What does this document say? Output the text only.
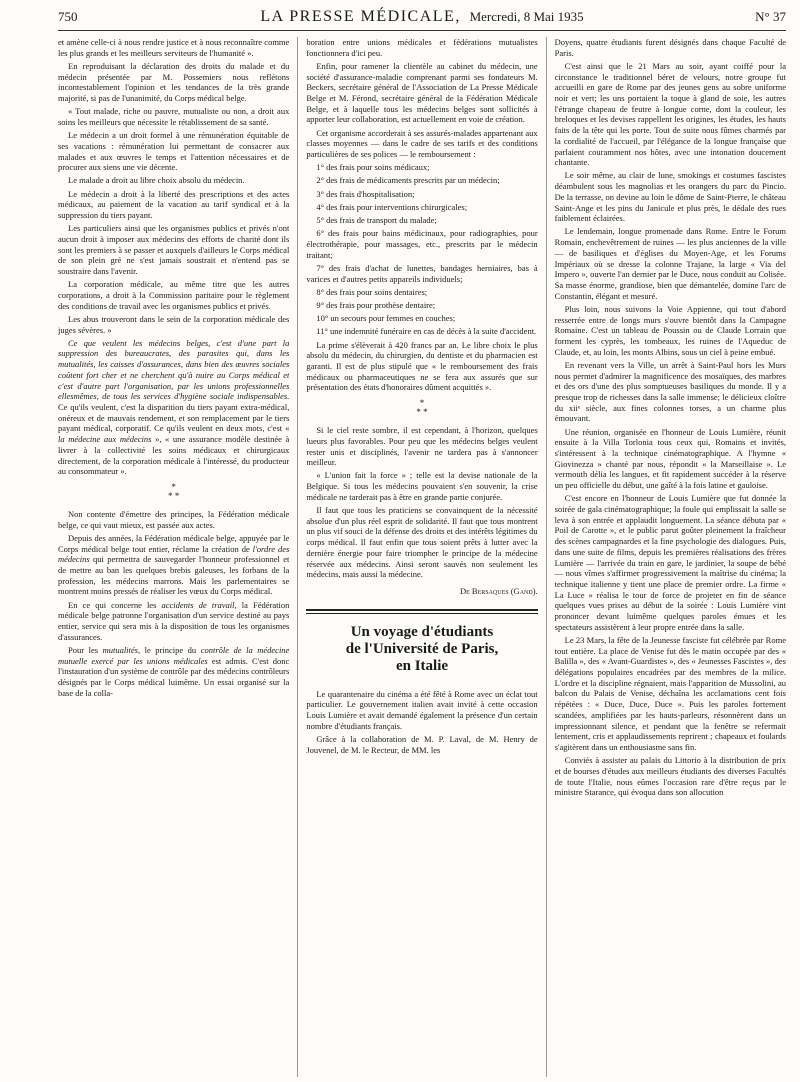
750	LA PRESSE MÉDICALE, Mercredi, 8 Mai 1935	N° 37

et amène celle-ci à nous rendre justice et à nous reconnaître comme les plus grands et les meilleurs serviteurs de l'humanité ».

En reproduisant la déclaration des droits du malade et du médecin présentée par M. Possemiers nous reflétons incontestablement l'opinion et les tendances de la très grande majorité, si pas de l'unanimité, du Corps médical belge.

« Tout malade, riche ou pauvre, mutualiste ou non, a droit aux soins les meilleurs que nécessite le rétablissement de sa santé.

Le médecin a un droit formel à une rémunération équitable de ses vacations : rémunération lui permettant de consacrer aux malades et aux œuvres le temps et l'attention nécessaires et de procurer aux siens une vie décente.

Le malade a droit au libre choix absolu du médecin.

Le médecin a droit à la liberté des prescriptions et des actes médicaux, au paiement de la vacation au tarif syndical et à la suppression du tiers payant.

Les particuliers ainsi que les organismes publics et privés n'ont aucun droit à imposer aux médecins des efforts de charité dont ils sont les premiers à se passer et auxquels d'ailleurs le Corps médical de son plein gré ne s'est jamais soustrait et n'entend pas se soustraire dans l'avenir.

La corporation médicale, au même titre que les autres corporations, a droit à la Commission paritaire pour le règlement des conditions de travail avec les organismes publics et privés.

Les abus trouveront dans le sein de la corporation médicale des juges sévères. »

Ce que veulent les médecins belges, c'est d'une part la suppression des bureaucrates, des parasites qui, dans les mutualités, les caisses d'assurances, dans bien des œuvres sociales coûtent fort cher et ne cherchent qu'à nuire au Corps médical et c'est d'autre part l'organisation, par les unions professionnelles ellesmêmes, de tous les services d'hygiène sociale indispensables. Ce qu'ils veulent, c'est la disparition du tiers payant extra-médical, onéreux et de mauvais rendement, et son remplacement par le tiers payant médical, corporatif. Ce qu'ils veulent en deux mots, c'est « la médecine aux médecins », « une assurance modèle destinée à livrer à la collectivité les soins médicaux et chirurgicaux directement, de la corporation médicale à l'intéressé, du producteur au consommateur ».

*
* *

Non contente d'émettre des principes, la Fédération médicale belge, ce qui vaut mieux, est passée aux actes.

Depuis des années, la Fédération médicale belge, appuyée par le Corps médical belge tout entier, réclame la création de l'ordre des médecins qui permettra de sauvegarder l'honneur professionnel et de mettre au ban les quelques brebis galeuses, les forbans de la profession, les médecins marrons. Mais les parlementaires se montrent moins pressés de réaliser les vœux du Corps médical.

En ce qui concerne les accidents de travail, la Fédération médicale belge patronne l'organisation d'un service destiné au pays entier, service qui sera mis à la disposition de tous les organismes d'assurances.

Pour les mutualités, le principe du contrôle de la médecine mutuelle exercé par les unions médicales est admis. C'est donc l'instauration d'un système de contrôle par des médecins contrôleurs désignés par le Corps médical luimême. Un essai organisé sur la base de la colla-

boration entre unions médicales et fédérations mutualistes fonctionnera d'ici peu.

Enfin, pour ramener la clientèle au cabinet du médecin, une société d'assurance-maladie comprenant parmi ses fondateurs M. Beckers, secrétaire général de l'Association de La Presse Médicale Belge et M. Férond, secrétaire général de la Fédération Médicale Belge, et à laquelle tous les médecins belges sont sollicités à apporter leur collaboration, est actuellement en voie de création.

Cet organisme accorderait à ses assurés-malades appartenant aux classes moyennes — dans le cadre de ses tarifs et des conditions particulières de ses polices — le remboursement :

1° des frais pour soins médicaux;

2° des frais de médicaments prescrits par un médecin;

3° des frais d'hospitalisation;

4° des frais pour interventions chirurgicales;

5° des frais de transport du malade;

6° des frais pour bains médicinaux, pour radiographies, pour électrothérapie, pour massages, etc., prescrits par le médecin traitant;

7° des frais d'achat de lunettes, bandages herniaires, bas à varices et d'autres petits appareils individuels;

8° des frais pour soins dentaires;

9° des frais pour prothèse dentaire;

10° un secours pour femmes en couches;

11° une indemnité funéraire en cas de décès à la suite d'accident.

La prime s'élèverait à 420 francs par an. Le libre choix le plus absolu du médecin, du chirurgien, du dentiste et du pharmacien est garanti. Il est de plus stipulé que « le remboursement des frais médicaux ou pharmaceutiques ne se fera aux assurés que sur présentation des états d'honoraires dûment acquittés ».

*
* *

Si le ciel reste sombre, il est cependant, à l'horizon, quelques lueurs plus favorables. Pour peu que les médecins belges veulent rester unis et disciplinés, l'avenir ne tardera pas à s'annoncer meilleur.

« L'union fait la force » ; telle est la devise nationale de la Belgique. Si tous les médecins pouvaient s'en souvenir, la crise médicale ne tarderait pas à être en grande partie conjurée.

Il faut que tous les praticiens se convainquent de la nécessité absolue d'un plus réel esprit de solidarité. Il faut que tous montrent un plus vif souci de la défense des droits et des intérêts légitimes du corps médical. Il faut enfin que tous soient prêts à lutter avec la dernière énergie pour faire triompher le principe de la médecine réservée aux médecins. Ainsi seront sauvés non seulement les médecins, mais aussi la médecine.

De Bersaques (Gand).

Un voyage d'étudiants
de l'Université de Paris,
en Italie

Le quarantenaire du cinéma a été fêté à Rome avec un éclat tout particulier. Le gouvernement italien avait invité à cette occasion Louis Lumière et avait demandé également la présence d'un certain nombre d'étudiants français.

Grâce à la collaboration de M. P. Laval, de M. Henry de Jouvenel, de M. le Recteur, de MM. les

Doyens, quatre étudiants furent désignés dans chaque Faculté de Paris.

C'est ainsi que le 21 Mars au soir, ayant coiffé pour la circonstance le traditionnel béret de velours, notre groupe fut accueilli en gare de Rome par des jeunes gens au sobre uniforme noir et vert; les uns portaient la toque à gland de soie, les autres l'étrange chapeau de feutre à longue corne, dont la couleur, les breloques et les devises rappellent les origines, les études, les hauts faits de la tête qui les porte. Tout de suite nous fûmes charmés par la cordialité de l'accueil, par l'élégance de la longue française que parlaient couramment nos hôtes, avec une intonation doucement chantante.

Le soir même, au clair de lune, smokings et costumes fascistes déambulent sous les magnolias et les orangers du parc du Pincio. De la terrasse, on devine au loin le dôme de Saint-Pierre, le château Saint-Ange et les pins du Janicule et plus près, le dédale des rues faiblement éclairées.

Le lendemain, longue promenade dans Rome. Entre le Forum Romain, enchevêtrement de ruines — les plus anciennes de la ville— de basiliques et d'églises du Moyen-Age, et les Forums Impériaux où se dresse la colonne Trajane, la large « Via del Impero », ouverte l'an dernier par le Duce, nous conduit au Colisée. Sa masse énorme, grandiose, bien que démantelée, domine l'arc de Constantin, élégant et mesuré.

Plus loin, nous suivons la Voie Appienne, qui tout d'abord resserrée entre de longs murs s'ouvre bientôt dans la Campagne Romaine. C'est un tableau de Poussin ou de Claude Lorrain que forment les cyprès, les tombeaux, les ruines de l'Aqueduc de Claude, et, au loin, les monts Albins, sous un ciel à peine embué.

En revenant vers la Ville, un arrêt à Saint-Paul hors les Murs nous permet d'admirer la magnificence des mosaïques, des marbres et des ors d'une des plus somptueuses basiliques du monde. Il y a presque trop de richesses dans la salle immense; le délicieux cloître du xiiᵉ siècle, aux fines colonnes torses, a un charme plus émouvant.

Une réunion, organisée en l'honneur de Louis Lumière, réunit ensuite à la Villa Torlonia tous ceux qui, Romains et invités, s'intéressent à la technique cinématographique. A l'hymne « Giovinezza » chanté par nous, répondit « la Marseillaise ». Le vermouth délia les langues, et fit rapidement succéder à la réserve un peu officielle du début, une gaîté à la fois latine et gauloise.

C'est encore en l'honneur de Louis Lumière que fut donnée la soirée de gala cinématographique; la foule qui emplissait la salle se leva à son entrée et applaudit longuement. La séance débuta par « Poil de Carotte », et le public parut goûter pleinement la fraîcheur des scènes campagnardes et la fine psychologie des dialogues. Puis, dans une suite de films, depuis les premières réalisations des frères Lumière — l'arrivée du train en gare, le jardinier, la soupe de bébé — nous vîmes s'affirmer progressivement la maîtrise du cinéma; la technique italienne y tient une place de premier ordre. La firme « La Luce » réalisa le tour de force de projeter en fin de séance quelques vues prises au début de la soirée : Louis Lumière vint prononcer devant luimême quelques paroles émues et les spectateurs assistèrent à leur propre entrée dans la salle.

Le 23 Mars, la fête de la Jeunesse fasciste fut célébrée par Rome tout entière. La place de Venise fut dès le matin occupée par des « Balilla », des « Avant-Guardistes », des « Jeunesses Fascistes », des délégations populaires encadrées par des membres de la milice. L'ordre et la discipline régnaient, mais l'apparition de Mussolini, au balcon du Palais de Venise, déchaîna les acclamations cent fois répétées : « Duce, Duce, Duce ». Puis les paroles fortement scandées, amplifiées par les hauts-parleurs, résonnèrent dans un impressionnant silence, et pendant que la fenêtre se refermait lentement, cris et applaudissements reprirent ; chapeaux et foulards s'agitèrent dans un enthousiasme sans fin.

Conviés à assister au palais du Littorio à la distribution de prix et de bourses d'études aux meilleurs étudiants des diverses Facultés de toute l'Italie, nous eûmes l'occasion rare d'être reçus par le ministre Starance, qui évoqua dans son allocution
